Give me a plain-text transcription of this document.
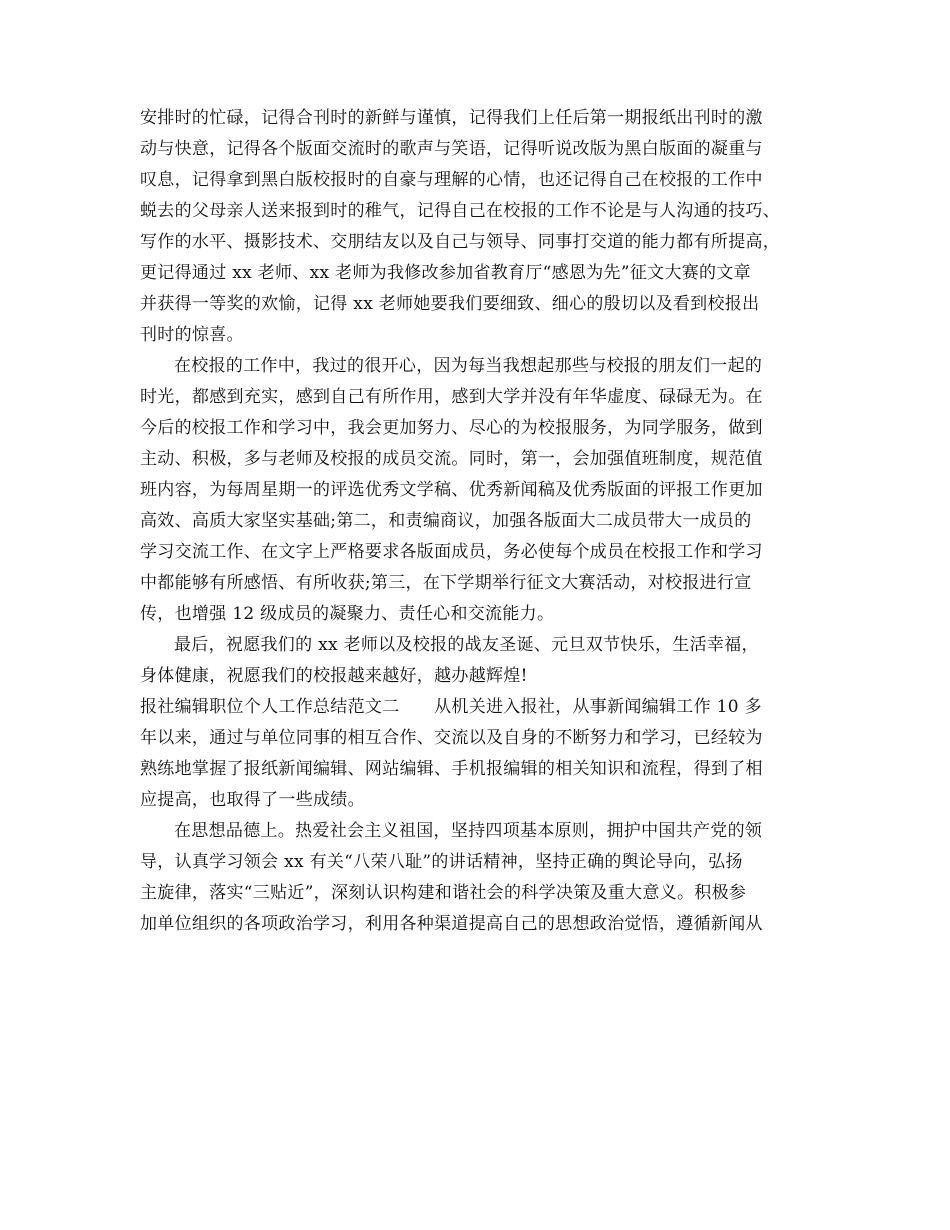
安排时的忙碌，记得合刊时的新鲜与谨慎，记得我们上任后第一期报纸出刊时的激
动与快意，记得各个版面交流时的歌声与笑语，记得听说改版为黑白版面的凝重与
叹息，记得拿到黑白版校报时的自豪与理解的心情，也还记得自己在校报的工作中
蜕去的父母亲人送来报到时的稚气，记得自己在校报的工作不论是与人沟通的技巧、
写作的水平、摄影技术、交朋结友以及自己与领导、同事打交道的能力都有所提高，
更记得通过 xx 老师、xx 老师为我修改参加省教育厅“感恩为先”征文大赛的文章
并获得一等奖的欢愉，记得 xx 老师她要我们要细致、细心的殷切以及看到校报出
刊时的惊喜。
在校报的工作中，我过的很开心，因为每当我想起那些与校报的朋友们一起的
时光，都感到充实，感到自己有所作用，感到大学并没有年华虚度、碌碌无为。在
今后的校报工作和学习中，我会更加努力、尽心的为校报服务，为同学服务，做到
主动、积极，多与老师及校报的成员交流。同时，第一，会加强值班制度，规范值
班内容，为每周星期一的评选优秀文学稿、优秀新闻稿及优秀版面的评报工作更加
高效、高质大家坚实基础;第二，和责编商议，加强各版面大二成员带大一成员的
学习交流工作、在文字上严格要求各版面成员，务必使每个成员在校报工作和学习
中都能够有所感悟、有所收获;第三，在下学期举行征文大赛活动，对校报进行宣
传，也增强 12 级成员的凝聚力、责任心和交流能力。
最后，祝愿我们的 xx 老师以及校报的战友圣诞、元旦双节快乐，生活幸福，
身体健康，祝愿我们的校报越来越好，越办越辉煌!
报社编辑职位个人工作总结范文二　　从机关进入报社，从事新闻编辑工作 10 多
年以来，通过与单位同事的相互合作、交流以及自身的不断努力和学习，已经较为
熟练地掌握了报纸新闻编辑、网站编辑、手机报编辑的相关知识和流程，得到了相
应提高，也取得了一些成绩。
在思想品德上。热爱社会主义祖国，坚持四项基本原则，拥护中国共产党的领
导，认真学习领会 xx 有关“八荣八耻”的讲话精神，坚持正确的舆论导向，弘扬
主旋律，落实“三贴近”，深刻认识构建和谐社会的科学决策及重大意义。积极参
加单位组织的各项政治学习，利用各种渠道提高自己的思想政治觉悟，遵循新闻从
